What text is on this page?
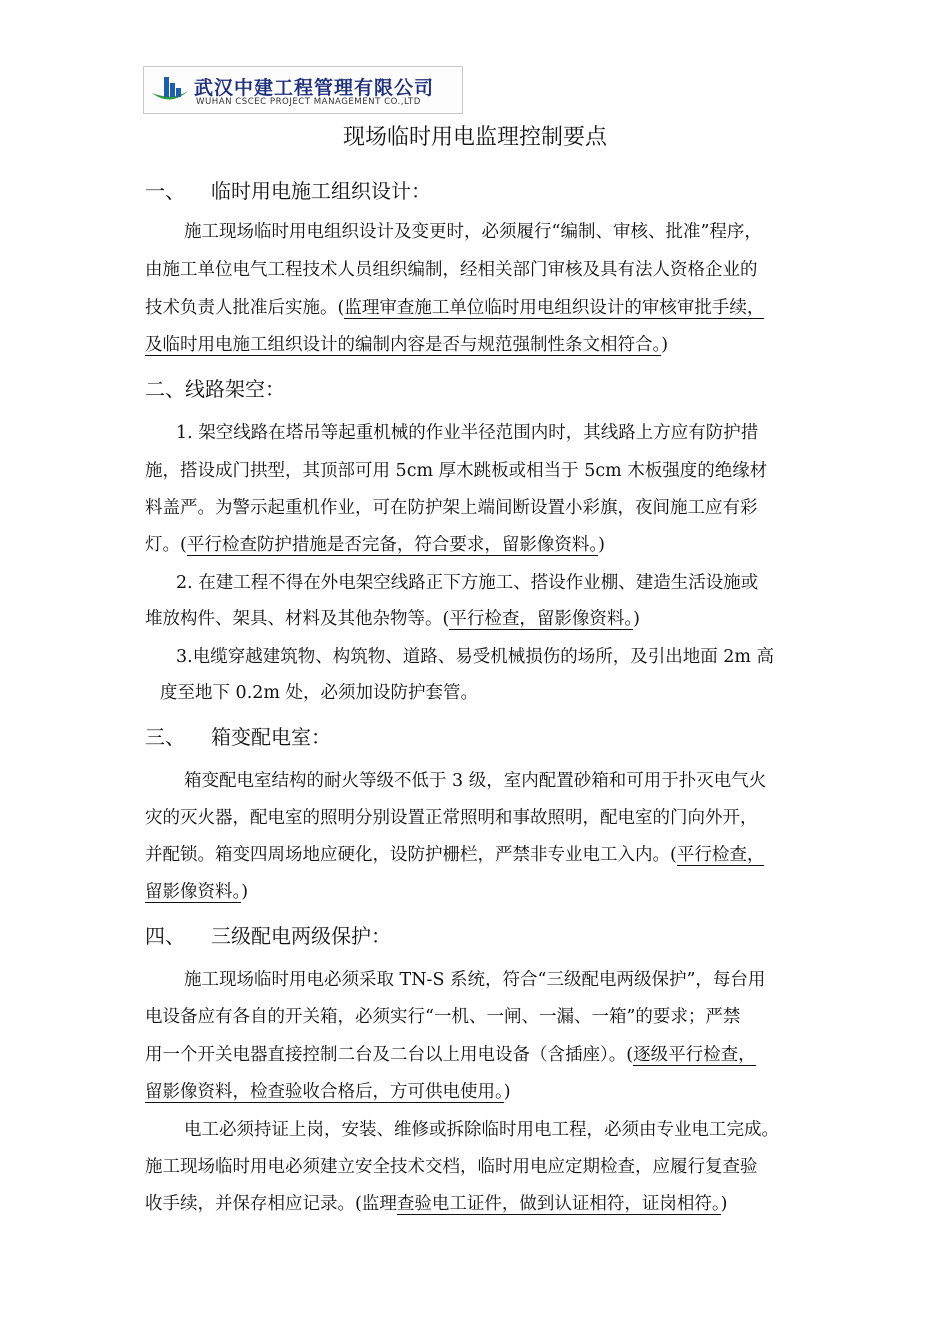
武汉中建工程管理有限公司
WUHAN CSCEC PROJECT MANAGEMENT CO.,LTD
现场临时用电监理控制要点
一、 临时用电施工组织设计：
施工现场临时用电组织设计及变更时，必须履行“编制、审核、批准”程序，
由施工单位电气工程技术人员组织编制，经相关部门审核及具有法人资格企业的
技术负责人批准后实施。(监理审查施工单位临时用电组织设计的审核审批手续，
及临时用电施工组织设计的编制内容是否与规范强制性条文相符合。)
二、线路架空：
1. 架空线路在塔吊等起重机械的作业半径范围内时，其线路上方应有防护措
施，搭设成门拱型，其顶部可用 5cm 厚木跳板或相当于 5cm 木板强度的绝缘材
料盖严。为警示起重机作业，可在防护架上端间断设置小彩旗，夜间施工应有彩
灯。(平行检查防护措施是否完备，符合要求，留影像资料。)
2. 在建工程不得在外电架空线路正下方施工、搭设作业棚、建造生活设施或
堆放构件、架具、材料及其他杂物等。(平行检查，留影像资料。)
3.电缆穿越建筑物、构筑物、道路、易受机械损伤的场所，及引出地面 2m 高
度至地下 0.2m 处，必须加设防护套管。
三、 箱变配电室：
箱变配电室结构的耐火等级不低于 3 级，室内配置砂箱和可用于扑灭电气火
灾的灭火器，配电室的照明分别设置正常照明和事故照明，配电室的门向外开，
并配锁。箱变四周场地应硬化，设防护栅栏，严禁非专业电工入内。(平行检查，
留影像资料。)
四、 三级配电两级保护：
施工现场临时用电必须采取 TN-S 系统，符合“三级配电两级保护”，每台用
电设备应有各自的开关箱，必须实行“一机、一闸、一漏、一箱”的要求；严禁
用一个开关电器直接控制二台及二台以上用电设备（含插座）。(逐级平行检查，
留影像资料，检查验收合格后，方可供电使用。)
电工必须持证上岗，安装、维修或拆除临时用电工程，必须由专业电工完成。
施工现场临时用电必须建立安全技术交档，临时用电应定期检查，应履行复查验
收手续，并保存相应记录。(监理查验电工证件，做到认证相符，证岗相符。)
